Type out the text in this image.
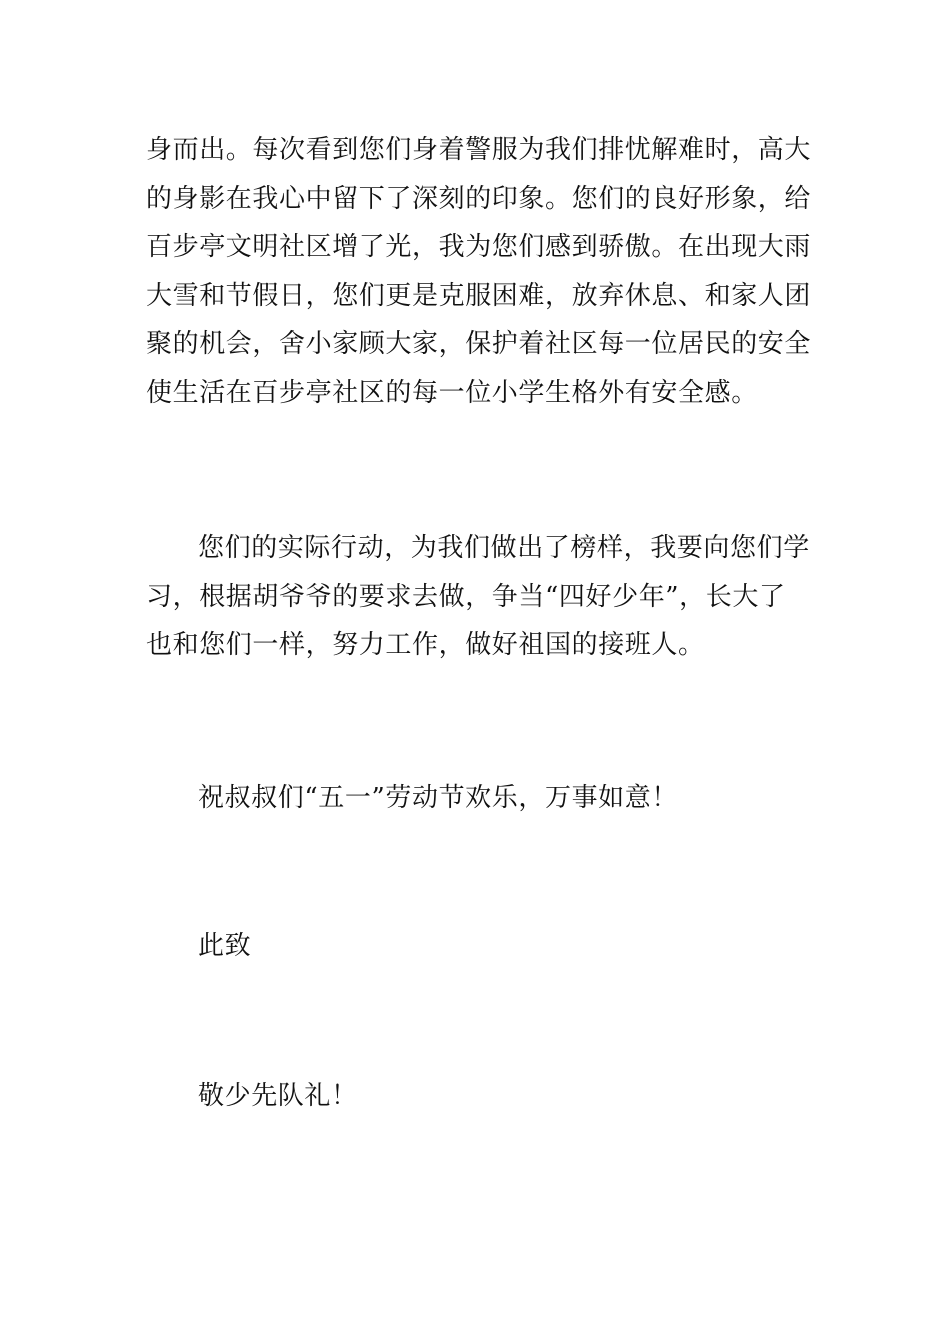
身而出。每次看到您们身着警服为我们排忧解难时，高大
的身影在我心中留下了深刻的印象。您们的良好形象，给
百步亭文明社区增了光，我为您们感到骄傲。在出现大雨
大雪和节假日，您们更是克服困难，放弃休息、和家人团
聚的机会，舍小家顾大家，保护着社区每一位居民的安全
使生活在百步亭社区的每一位小学生格外有安全感。
您们的实际行动，为我们做出了榜样，我要向您们学
习，根据胡爷爷的要求去做，争当“四好少年”，长大了
也和您们一样，努力工作，做好祖国的接班人。
祝叔叔们“五一”劳动节欢乐，万事如意！
此致
敬少先队礼！
